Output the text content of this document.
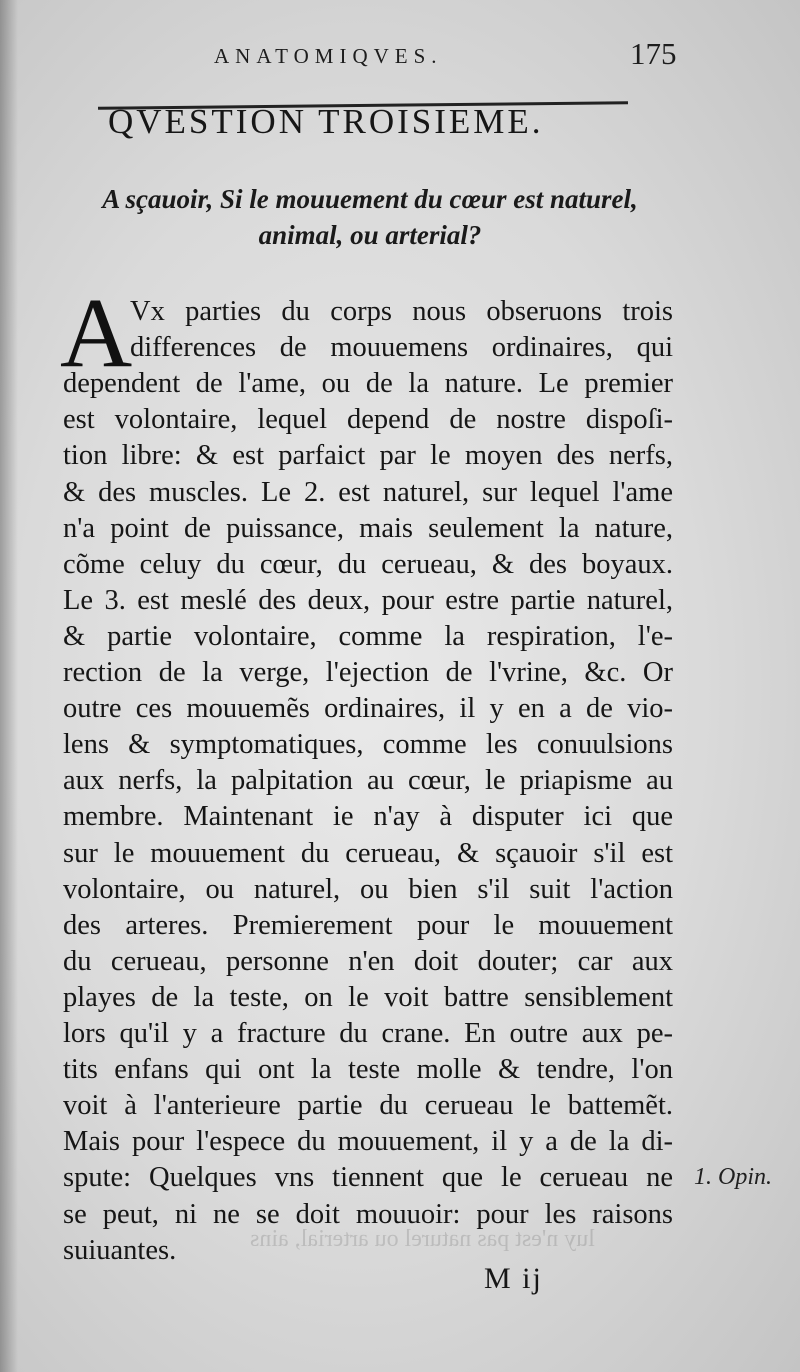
luy n'est pas naturel ou arterial, ains
ANATOMIQVES.	175
QVESTION TROISIEME.
A sçauoir, Si le mouuement du cœur est naturel,
animal, ou arterial?
A
Vx parties du corps nous obseruons trois
differences de mouuemens ordinaires, qui
dependent de l'ame, ou de la nature. Le premier
est volontaire, lequel depend de nostre dispoſi-
tion libre: & est parfaict par le moyen des nerfs,
& des muscles. Le 2. est naturel, sur lequel l'ame
n'a point de puissance, mais seulement la nature,
cõme celuy du cœur, du cerueau, & des boyaux.
Le 3. est meslé des deux, pour estre partie naturel,
& partie volontaire, comme la respiration, l'e-
rection de la verge, l'ejection de l'vrine, &c. Or
outre ces mouuemẽs ordinaires, il y en a de vio-
lens & symptomatiques, comme les conuulsions
aux nerfs, la palpitation au cœur, le priapisme au
membre. Maintenant ie n'ay à disputer ici que
sur le mouuement du cerueau, & sçauoir s'il est
volontaire, ou naturel, ou bien s'il suit l'action
des arteres. Premierement pour le mouuement
du cerueau, personne n'en doit douter; car aux
playes de la teste, on le voit battre sensiblement
lors qu'il y a fracture du crane. En outre aux pe-
tits enfans qui ont la teste molle & tendre, l'on
voit à l'anterieure partie du cerueau le battemẽt.
Mais pour l'espece du mouuement, il y a de la di-
spute: Quelques vns tiennent que le cerueau ne
se peut, ni ne se doit mouuoir: pour les raisons
suiuantes.
1. Opin.
M ij
